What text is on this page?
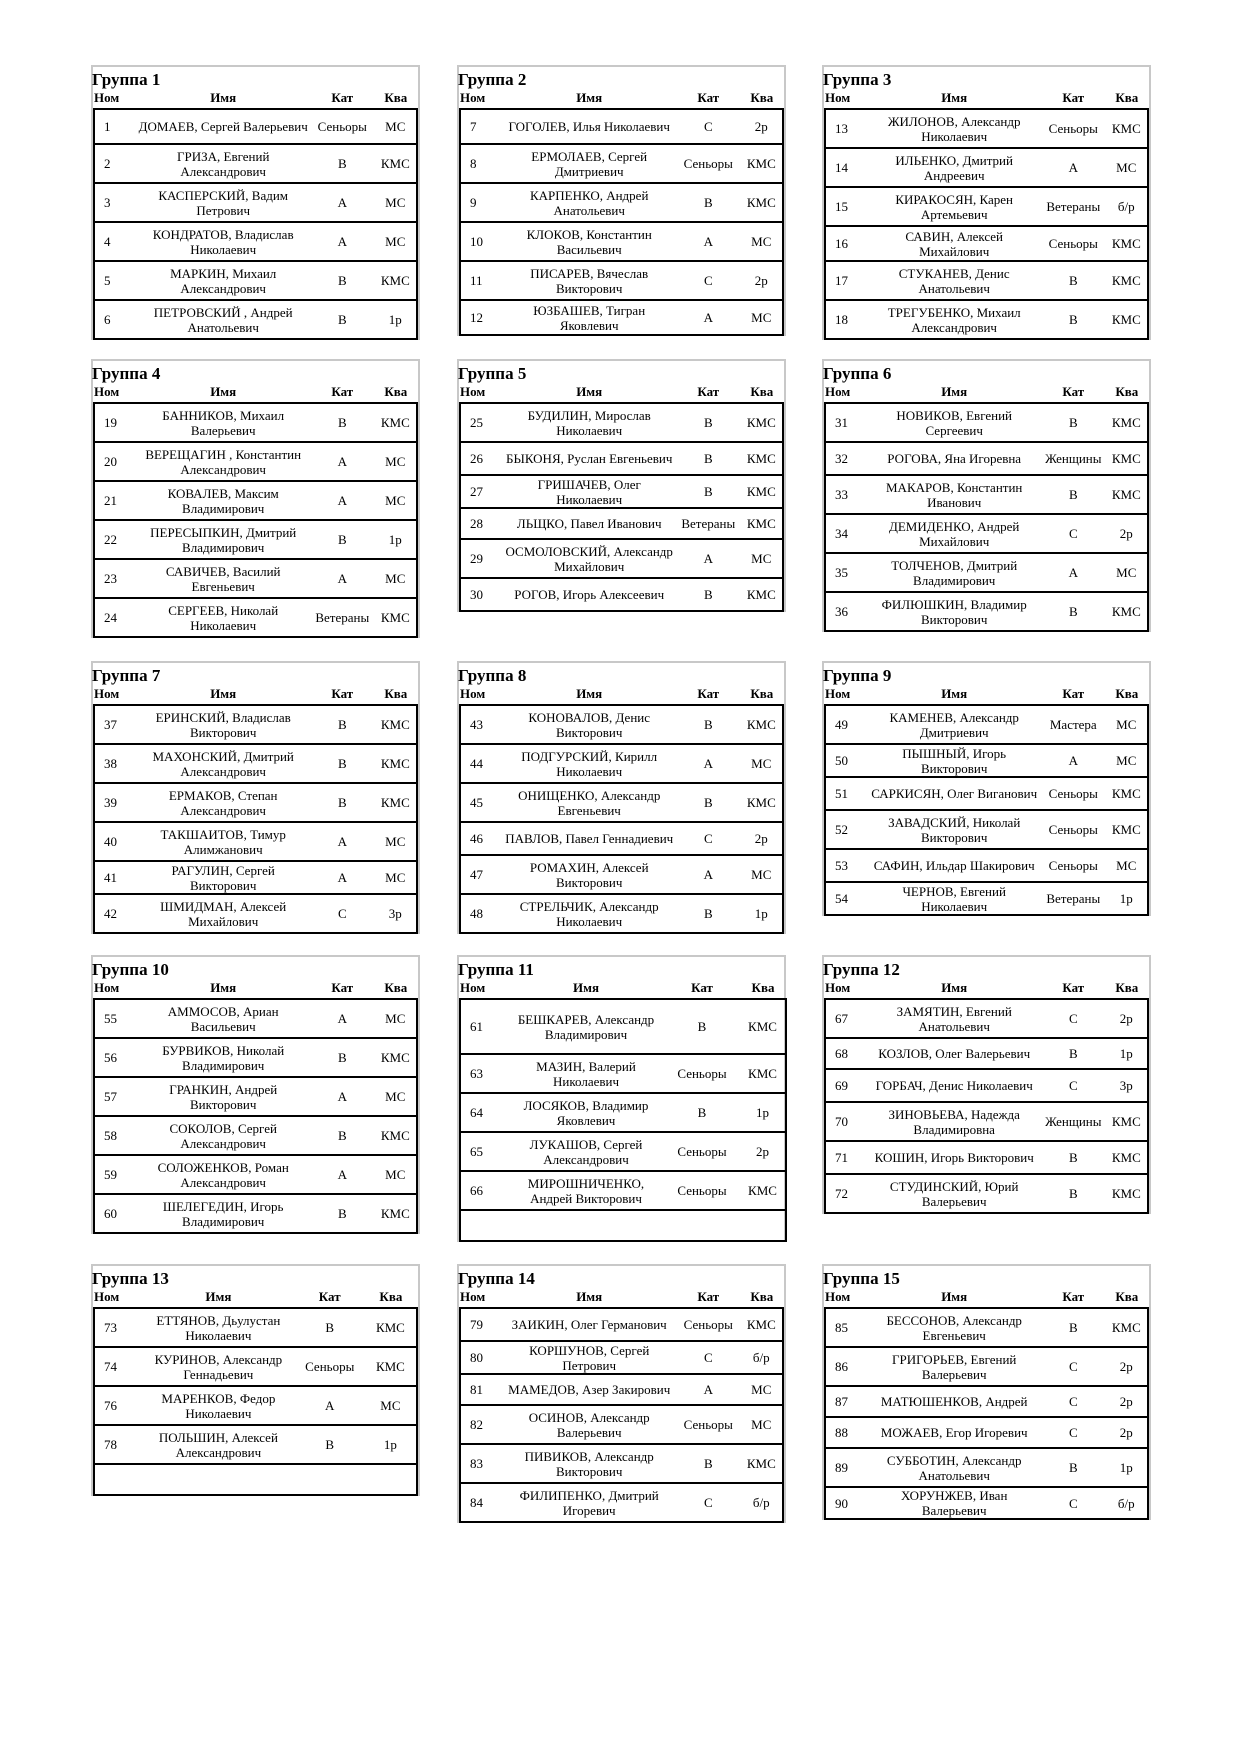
Группа 1
Ном	Имя	Кат	Ква
1	ДОМАЕВ, Сергей Валерьевич	Сеньоры	МС
2	ГРИЗА, Евгений Александрович	B	КМС
3	КАСПЕРСКИЙ, Вадим Петрович	A	МС
4	КОНДРАТОВ, Владислав Николаевич	A	МС
5	МАРКИН, Михаил Александрович	B	КМС
6	ПЕТРОВСКИЙ , Андрей Анатольевич	B	1р
Группа 2
Ном	Имя	Кат	Ква
7	ГОГОЛЕВ, Илья Николаевич	C	2р
8	ЕРМОЛАЕВ, Сергей Дмитриевич	Сеньоры	КМС
9	КАРПЕНКО, Андрей Анатольевич	B	КМС
10	КЛОКОВ, Константин Васильевич	A	МС
11	ПИСАРЕВ, Вячеслав Викторович	C	2р
12	ЮЗБАШЕВ, Тигран Яковлевич	A	МС
Группа 3
Ном	Имя	Кат	Ква
13	ЖИЛОНОВ, Александр Николаевич	Сеньоры	КМС
14	ИЛЬЕНКО, Дмитрий Андреевич	A	МС
15	КИРАКОСЯН, Карен Артемьевич	Ветераны	б/р
16	САВИН, Алексей Михайлович	Сеньоры	КМС
17	СТУКАНЕВ, Денис Анатольевич	B	КМС
18	ТРЕГУБЕНКО, Михаил Александрович	B	КМС
Группа 4
Ном	Имя	Кат	Ква
19	БАННИКОВ, Михаил Валерьевич	B	КМС
20	ВЕРЕЩАГИН , Константин Александрович	A	МС
21	КОВАЛЕВ, Максим Владимирович	A	МС
22	ПЕРЕСЫПКИН, Дмитрий Владимирович	B	1р
23	САВИЧЕВ, Василий Евгеньевич	A	МС
24	СЕРГЕЕВ, Николай Николаевич	Ветераны	КМС
Группа 5
Ном	Имя	Кат	Ква
25	БУДИЛИН, Мирослав Николаевич	B	КМС
26	БЫКОНЯ, Руслан Евгеньевич	B	КМС
27	ГРИШАЧЕВ, Олег Николаевич	B	КМС
28	ЛЬЩКО, Павел Иванович	Ветераны	КМС
29	ОСМОЛОВСКИЙ, Александр Михайлович	A	МС
30	РОГОВ, Игорь Алексеевич	B	КМС
Группа 6
Ном	Имя	Кат	Ква
31	НОВИКОВ, Евгений Сергеевич	B	КМС
32	РОГОВА, Яна Игоревна	Женщины	КМС
33	МАКАРОВ, Константин Иванович	B	КМС
34	ДЕМИДЕНКО, Андрей Михайлович	C	2р
35	ТОЛЧЕНОВ, Дмитрий Владимирович	A	МС
36	ФИЛЮШКИН, Владимир Викторович	B	КМС
Группа 7
Ном	Имя	Кат	Ква
37	ЕРИНСКИЙ, Владислав Викторович	B	КМС
38	МАХОНСКИЙ, Дмитрий Александрович	B	КМС
39	ЕРМАКОВ, Степан Александрович	B	КМС
40	ТАКШАИТОВ, Тимур Алимжанович	A	МС
41	РАГУЛИН, Сергей Викторович	A	МС
42	ШМИДМАН, Алексей Михайлович	C	3р
Группа 8
Ном	Имя	Кат	Ква
43	КОНОВАЛОВ, Денис Викторович	B	КМС
44	ПОДГУРСКИЙ, Кирилл Николаевич	A	МС
45	ОНИЩЕНКО, Александр Евгеньевич	B	КМС
46	ПАВЛОВ, Павел Геннадиевич	C	2р
47	РОМАХИН, Алексей Викторович	A	МС
48	СТРЕЛЬЧИК, Александр Николаевич	B	1р
Группа 9
Ном	Имя	Кат	Ква
49	КАМЕНЕВ, Александр Дмитриевич	Мастера	МС
50	ПЫШНЫЙ, Игорь Викторович	A	МС
51	САРКИСЯН, Олег Виганович	Сеньоры	КМС
52	ЗАВАДСКИЙ, Николай Викторович	Сеньоры	КМС
53	САФИН, Ильдар Шакирович	Сеньоры	МС
54	ЧЕРНОВ, Евгений Николаевич	Ветераны	1р
Группа 10
Ном	Имя	Кат	Ква
55	АММОСОВ, Ариан Васильевич	A	МС
56	БУРВИКОВ, Николай Владимирович	B	КМС
57	ГРАНКИН, Андрей Викторович	A	МС
58	СОКОЛОВ, Сергей Александрович	B	КМС
59	СОЛОЖЕНКОВ, Роман Александрович	A	МС
60	ШЕЛЕГЕДИН, Игорь Владимирович	B	КМС
Группа 11
Ном	Имя	Кат	Ква
61	БЕШКАРЕВ, Александр Владимирович	B	КМС
63	МАЗИН, Валерий Николаевич	Сеньоры	КМС
64	ЛОСЯКОВ, Владимир Яковлевич	B	1р
65	ЛУКАШОВ, Сергей Александрович	Сеньоры	2р
66	МИРОШНИЧЕНКО, Андрей Викторович	Сеньоры	КМС

Группа 12
Ном	Имя	Кат	Ква
67	ЗАМЯТИН, Евгений Анатольевич	C	2р
68	КОЗЛОВ, Олег Валерьевич	B	1р
69	ГОРБАЧ, Денис Николаевич	C	3р
70	ЗИНОВЬЕВА, Надежда Владимировна	Женщины	КМС
71	КОШИН, Игорь Викторович	B	КМС
72	СТУДИНСКИЙ, Юрий Валерьевич	B	КМС
Группа 13
Ном	Имя	Кат	Ква
73	ЕТТЯНОВ, Дьулустан Николаевич	B	КМС
74	КУРИНОВ, Александр Геннадьевич	Сеньоры	КМС
76	МАРЕНКОВ, Федор Николаевич	A	МС
78	ПОЛЬШИН, Алексей Александрович	B	1р

Группа 14
Ном	Имя	Кат	Ква
79	ЗАИКИН, Олег Германович	Сеньоры	КМС
80	КОРШУНОВ, Сергей Петрович	C	б/р
81	МАМЕДОВ, Азер Закирович	A	МС
82	ОСИНОВ, Александр Валерьевич	Сеньоры	МС
83	ПИВИКОВ, Александр Викторович	B	КМС
84	ФИЛИПЕНКО, Дмитрий Игоревич	C	б/р
Группа 15
Ном	Имя	Кат	Ква
85	БЕССОНОВ, Александр Евгеньевич	B	КМС
86	ГРИГОРЬЕВ, Евгений Валерьевич	C	2р
87	МАТЮШЕНКОВ, Андрей	C	2р
88	МОЖАЕВ, Егор Игоревич	C	2р
89	СУББОТИН, Александр Анатольевич	B	1р
90	ХОРУНЖЕВ, Иван Валерьевич	C	б/р
